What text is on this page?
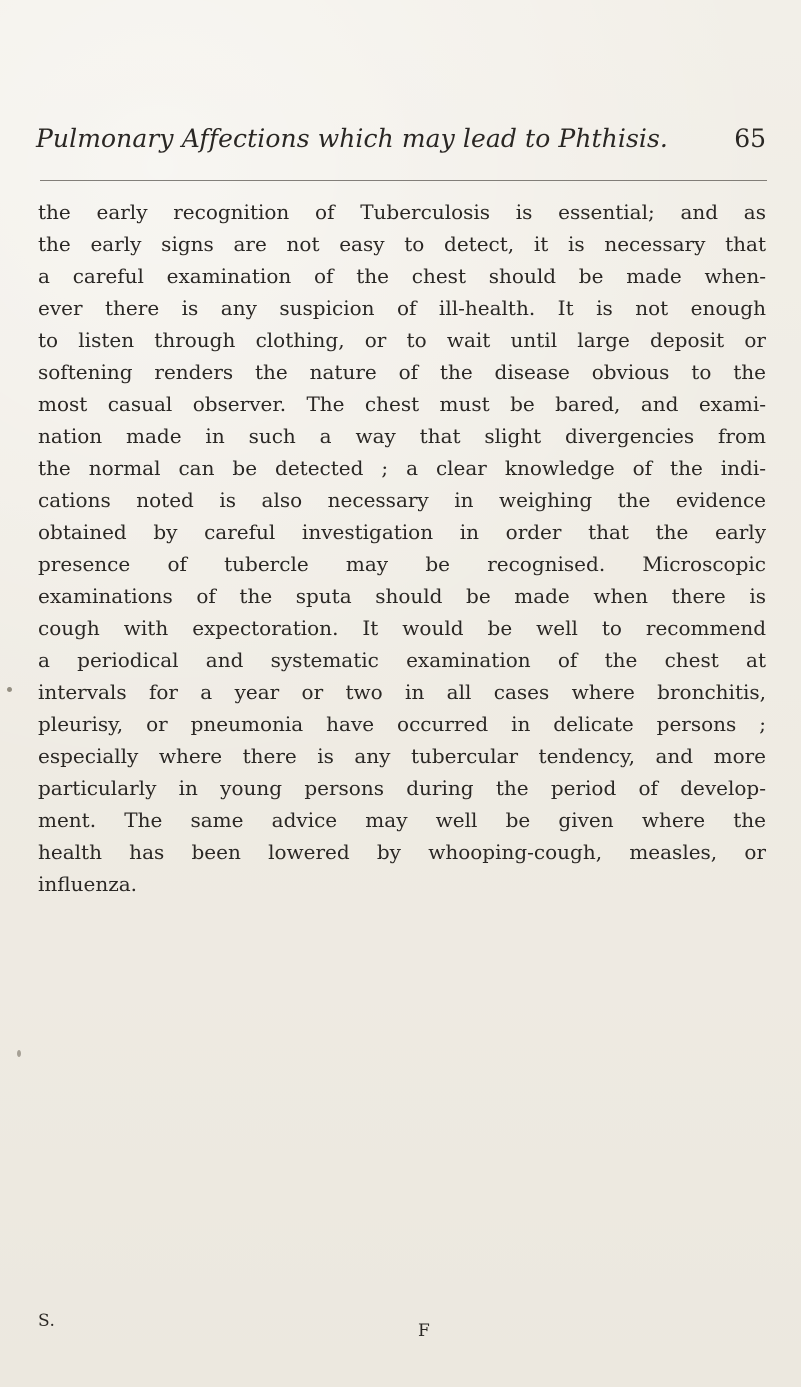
Pulmonary Affections which may lead to Phthisis.	65
the early recognition of Tuberculosis is essential; and as
the early signs are not easy to detect, it is necessary that
a careful examination of the chest should be made when-
ever there is any suspicion of ill-health. It is not enough
to listen through clothing, or to wait until large deposit or
softening renders the nature of the disease obvious to the
most casual observer. The chest must be bared, and exami-
nation made in such a way that slight divergencies from
the normal can be detected ; a clear knowledge of the indi-
cations noted is also necessary in weighing the evidence
obtained by careful investigation in order that the early
presence of tubercle may be recognised. Microscopic
examinations of the sputa should be made when there is
cough with expectoration. It would be well to recommend
a periodical and systematic examination of the chest at
intervals for a year or two in all cases where bronchitis,
pleurisy, or pneumonia have occurred in delicate persons ;
especially where there is any tubercular tendency, and more
particularly in young persons during the period of develop-
ment. The same advice may well be given where the
health has been lowered by whooping-cough, measles, or
influenza.
S.	F
